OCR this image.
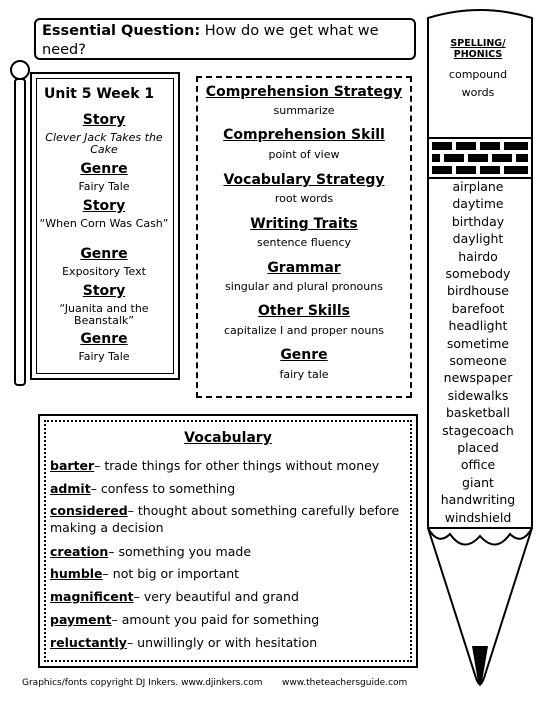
Essential Question: How do we get what we need?
Unit 5 Week 1
Story
Clever Jack Takes the Cake
Genre
Fairy Tale
Story
“When Corn Was Cash”
Genre
Expository Text
Story
“Juanita and the Beanstalk”
Genre
Fairy Tale
Comprehension Strategy
summarize
Comprehension Skill
point of view
Vocabulary Strategy
root words
Writing Traits
sentence fluency
Grammar
singular and plural pronouns
Other Skills
capitalize I and proper nouns
Genre
fairy tale
Vocabulary
barter– trade things for other things without money
admit– confess to something
considered– thought about something carefully before
making a decision
creation– something you made
humble– not big or important
magnificent– very beautiful and grand
payment– amount you paid for something
reluctantly– unwillingly or with hesitation
SPELLING/
PHONICS
compound
words
airplane
daytime
birthday
daylight
hairdo
somebody
birdhouse
barefoot
headlight
sometime
someone
newspaper
sidewalks
basketball
stagecoach
placed
office
giant
handwriting
windshield
Graphics/fonts copyright DJ Inkers. www.djinkers.com www.theteachersguide.com
